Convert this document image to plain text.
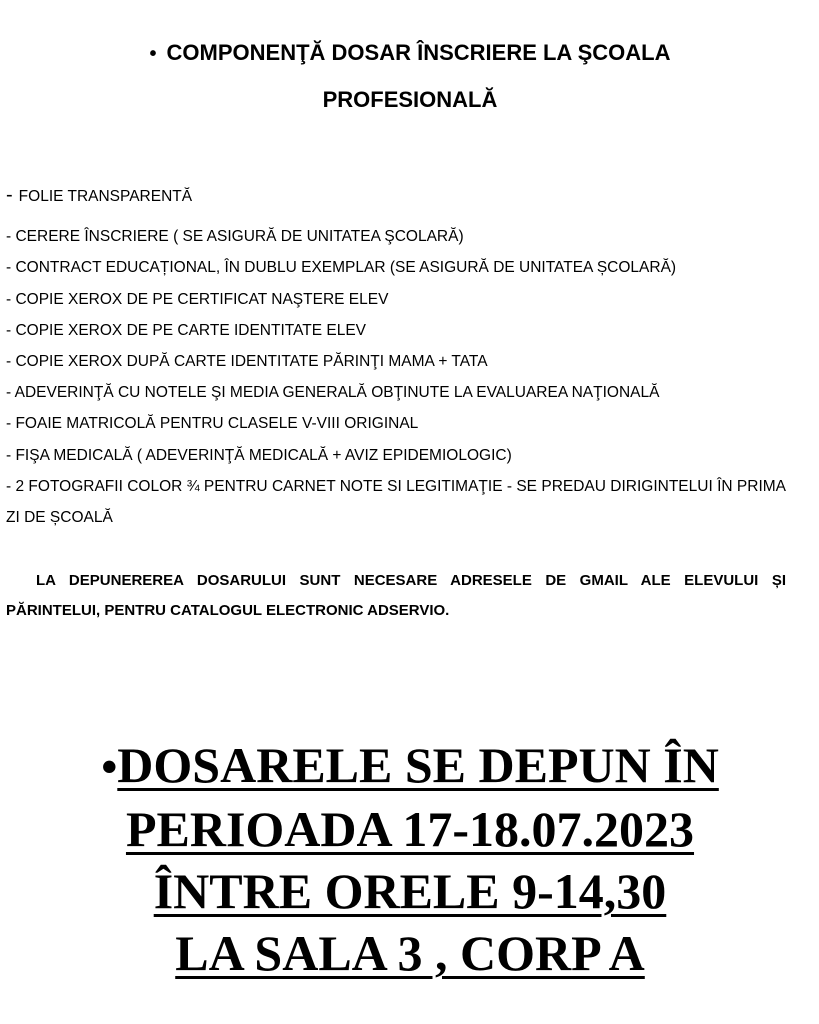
• COMPONENŢĂ DOSAR ÎNSCRIERE LA ŞCOALA
PROFESIONALĂ
- FOLIE TRANSPARENTĂ
- CERERE ÎNSCRIERE ( SE ASIGURĂ DE UNITATEA ŞCOLARĂ)
- CONTRACT EDUCAȚIONAL, ÎN DUBLU EXEMPLAR (SE ASIGURĂ DE UNITATEA ȘCOLARĂ)
- COPIE XEROX DE PE CERTIFICAT NAŞTERE ELEV
- COPIE XEROX DE PE CARTE IDENTITATE ELEV
- COPIE XEROX DUPĂ CARTE IDENTITATE PĂRINŢI MAMA + TATA
- ADEVERINŢĂ CU NOTELE ŞI MEDIA GENERALĂ OBŢINUTE LA EVALUAREA NAŢIONALĂ
- FOAIE MATRICOLĂ PENTRU CLASELE V-VIII ORIGINAL
- FIŞA MEDICALĂ ( ADEVERINŢĂ MEDICALĂ + AVIZ EPIDEMIOLOGIC)
- 2 FOTOGRAFII COLOR ¾ PENTRU CARNET NOTE SI LEGITIMAŢIE - SE PREDAU DIRIGINTELUI ÎN PRIMA ZI DE ȘCOALĂ
LA DEPUNEREREA DOSARULUI SUNT NECESARE ADRESELE DE GMAIL ALE ELEVULUI ȘI PĂRINTELUI, PENTRU CATALOGUL ELECTRONIC ADSERVIO.
•DOSARELE SE DEPUN ÎN
PERIOADA 17-18.07.2023
ÎNTRE ORELE 9-14,30
LA SALA 3 , CORP A
